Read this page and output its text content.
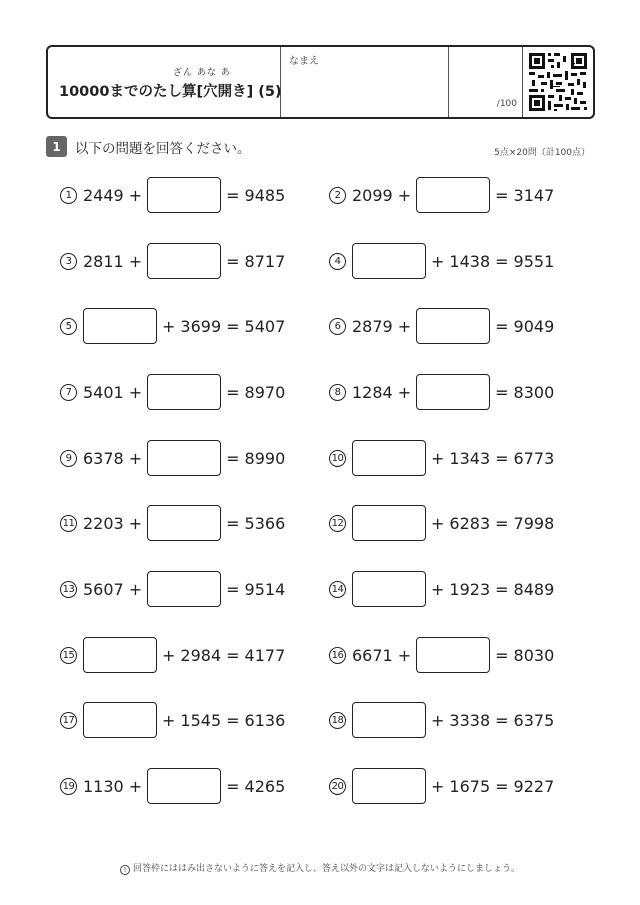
ざん あな あ
10000までのたし算[穴開き] (5)
なまえ
/100
1	以下の問題を回答ください。	5点×20問（計100点）
1 2449 +	= 9485	2 2099 +	= 3147
3 2811 +	= 8717	4	+ 1438 = 9551
5	+ 3699 = 5407	6 2879 +	= 9049
7 5401 +	= 8970	8 1284 +	= 8300
9 6378 +	= 8990	10	+ 1343 = 6773
11 2203 +	= 5366	12	+ 6283 = 7998
13 5607 +	= 9514	14	+ 1923 = 8489
15	+ 2984 = 4177	16 6671 +	= 8030
17	+ 1545 = 6136	18	+ 3338 = 6375
19 1130 +	= 4265	20	+ 1675 = 9227
! 回答枠にははみ出さないように答えを記入し、答え以外の文字は記入しないようにしましょう。
